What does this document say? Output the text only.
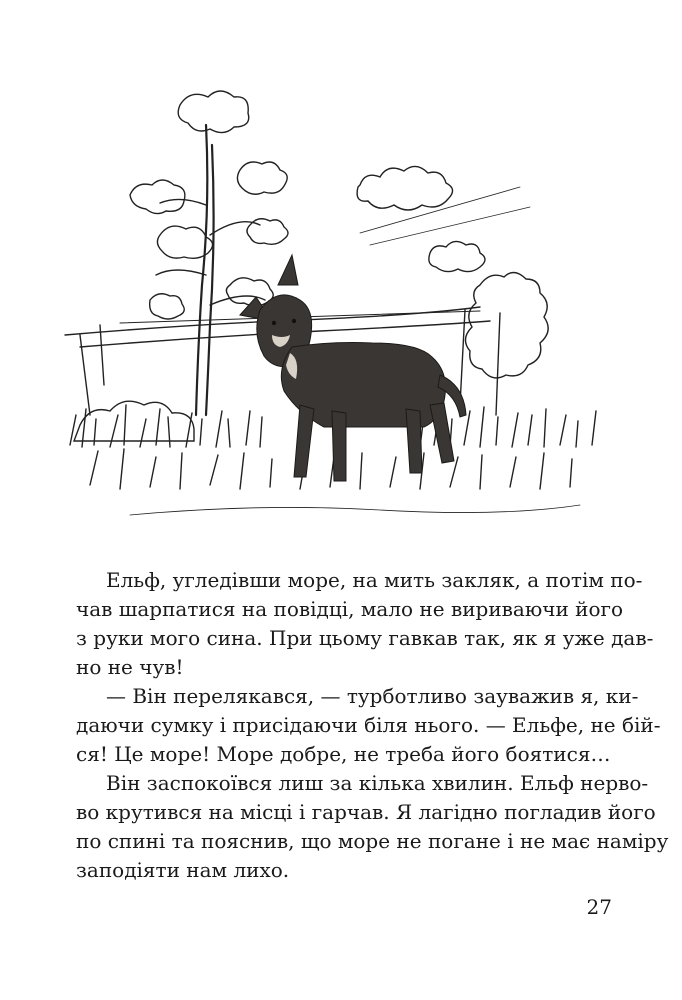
Ельф, угледівши море, на мить закляк, а потім по-
чав шарпатися на повідці, мало не вириваючи його
з руки мого сина. При цьому гавкав так, як я уже дав-
но не чув!

— Він перелякався, — турботливо зауважив я, ки-
даючи сумку і присідаючи біля нього. — Ельфе, не бій-
ся! Це море! Море добре, не треба його боятися…

Він заспокоївся лиш за кілька хвилин. Ельф нерво-
во крутився на місці і гарчав. Я лагідно погладив його
по спині та пояснив, що море не погане і не має наміру
заподіяти нам лихо.

27
